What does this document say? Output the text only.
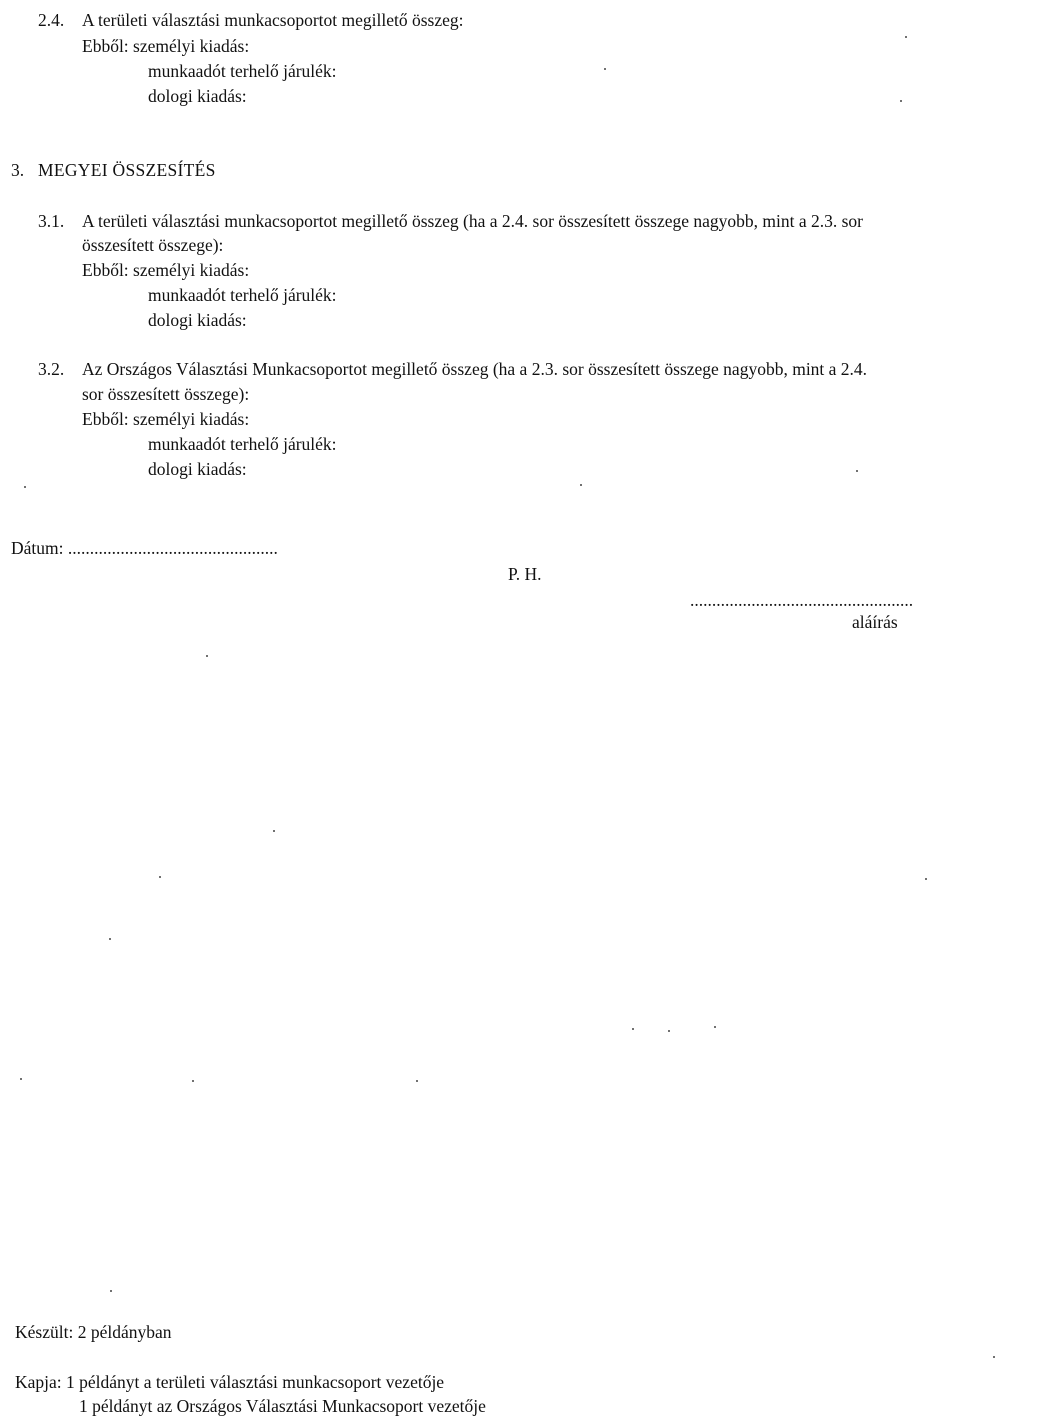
2.4. A területi választási munkacsoportot megillető összeg:
Ebből: személyi kiadás:
munkaadót terhelő járulék:
dologi kiadás:
3. MEGYEI ÖSSZESÍTÉS
3.1. A területi választási munkacsoportot megillető összeg (ha a 2.4. sor összesített összege nagyobb, mint a 2.3. sor
összesített összege):
Ebből: személyi kiadás:
munkaadót terhelő járulék:
dologi kiadás:
3.2. Az Országos Választási Munkacsoportot megillető összeg (ha a 2.3. sor összesített összege nagyobb, mint a 2.4.
sor összesített összege):
Ebből: személyi kiadás:
munkaadót terhelő járulék:
dologi kiadás:
Dátum: ................................................
P. H.
...................................................
aláírás
Készült: 2 példányban
Kapja: 1 példányt a területi választási munkacsoport vezetője
1 példányt az Országos Választási Munkacsoport vezetője
